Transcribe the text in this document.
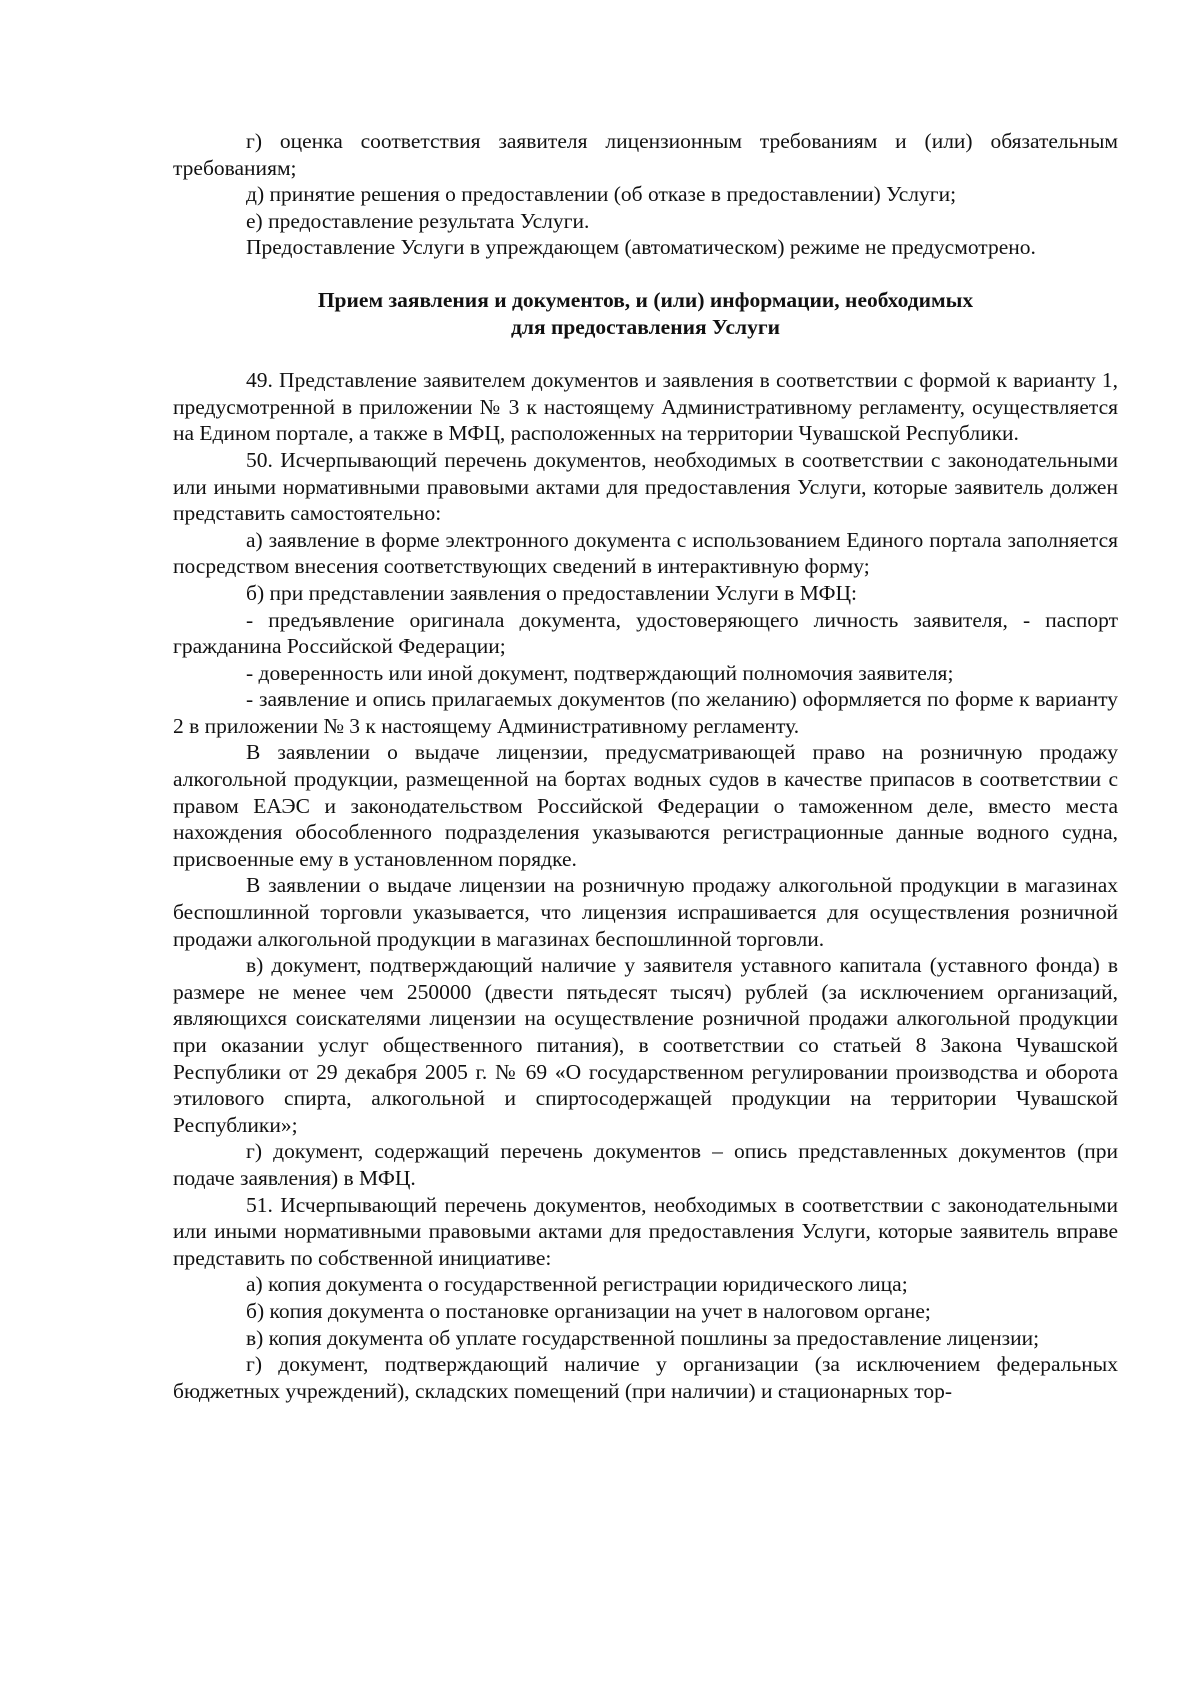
г) оценка соответствия заявителя лицензионным требованиям и (или) обязательным требованиям;

д) принятие решения о предоставлении (об отказе в предоставлении) Услуги;

е) предоставление результата Услуги.

Предоставление Услуги в упреждающем (автоматическом) режиме не предусмотрено.

Прием заявления и документов, и (или) информации, необходимых
для предоставления Услуги

49. Представление заявителем документов и заявления в соответствии с формой к варианту 1, предусмотренной в приложении № 3 к настоящему Административному регламенту, осуществляется на Едином портале, а также в МФЦ, расположенных на территории Чувашской Республики.

50. Исчерпывающий перечень документов, необходимых в соответствии с законодательными или иными нормативными правовыми актами для предоставления Услуги, которые заявитель должен представить самостоятельно:

а) заявление в форме электронного документа с использованием Единого портала заполняется посредством внесения соответствующих сведений в интерактивную форму;

б) при представлении заявления о предоставлении Услуги в МФЦ:

- предъявление оригинала документа, удостоверяющего личность заявителя, - паспорт гражданина Российской Федерации;

- доверенность или иной документ, подтверждающий полномочия заявителя;

- заявление и опись прилагаемых документов (по желанию) оформляется по форме к варианту 2 в приложении № 3 к настоящему Административному регламенту.

В заявлении о выдаче лицензии, предусматривающей право на розничную продажу алкогольной продукции, размещенной на бортах водных судов в качестве припасов в соответствии с правом ЕАЭС и законодательством Российской Федерации о таможенном деле, вместо места нахождения обособленного подразделения указываются регистрационные данные водного судна, присвоенные ему в установленном порядке.

В заявлении о выдаче лицензии на розничную продажу алкогольной продукции в магазинах беспошлинной торговли указывается, что лицензия испрашивается для осуществления розничной продажи алкогольной продукции в магазинах беспошлинной торговли.

в) документ, подтверждающий наличие у заявителя уставного капитала (уставного фонда) в размере не менее чем 250000 (двести пятьдесят тысяч) рублей (за исключением организаций, являющихся соискателями лицензии на осуществление розничной продажи алкогольной продукции при оказании услуг общественного питания), в соответствии со статьей 8 Закона Чувашской Республики от 29 декабря 2005 г. № 69 «О государственном регулировании производства и оборота этилового спирта, алкогольной и спиртосодержащей продукции на территории Чувашской Республики»;

г) документ, содержащий перечень документов – опись представленных документов (при подаче заявления) в МФЦ.

51. Исчерпывающий перечень документов, необходимых в соответствии с законодательными или иными нормативными правовыми актами для предоставления Услуги, которые заявитель вправе представить по собственной инициативе:

а) копия документа о государственной регистрации юридического лица;

б) копия документа о постановке организации на учет в налоговом органе;

в) копия документа об уплате государственной пошлины за предоставление лицензии;

г) документ, подтверждающий наличие у организации (за исключением федеральных бюджетных учреждений), складских помещений (при наличии) и стационарных тор-
